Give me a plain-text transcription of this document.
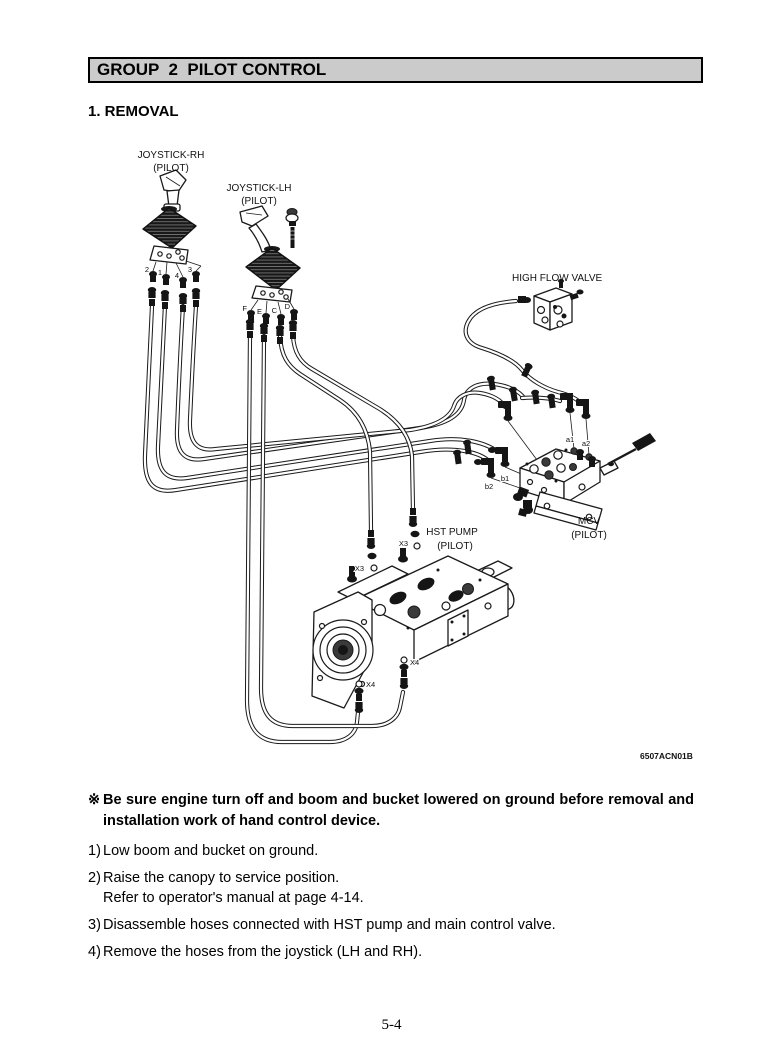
GROUP  2  PILOT CONTROL
1. REMOVAL
JOYSTICK-RH
(PILOT)
JOYSTICK-LH
(PILOT)
HIGH FLOW VALVE
MCV
(PILOT)
HST PUMP
(PILOT)
2 1 4
3
F E C D
a1 a2
b1
b2
X3
X3
X4
X4
6507ACN01B
※ Be sure engine turn off and boom and bucket lowered on ground before removal and installation work of hand control device.
1) Low boom and bucket on ground.
2) Raise the canopy to service position.
Refer to operator's manual at page 4-14.
3) Disassemble hoses connected with HST pump and main control valve.
4) Remove the hoses from the joystick (LH and RH).
5-4
